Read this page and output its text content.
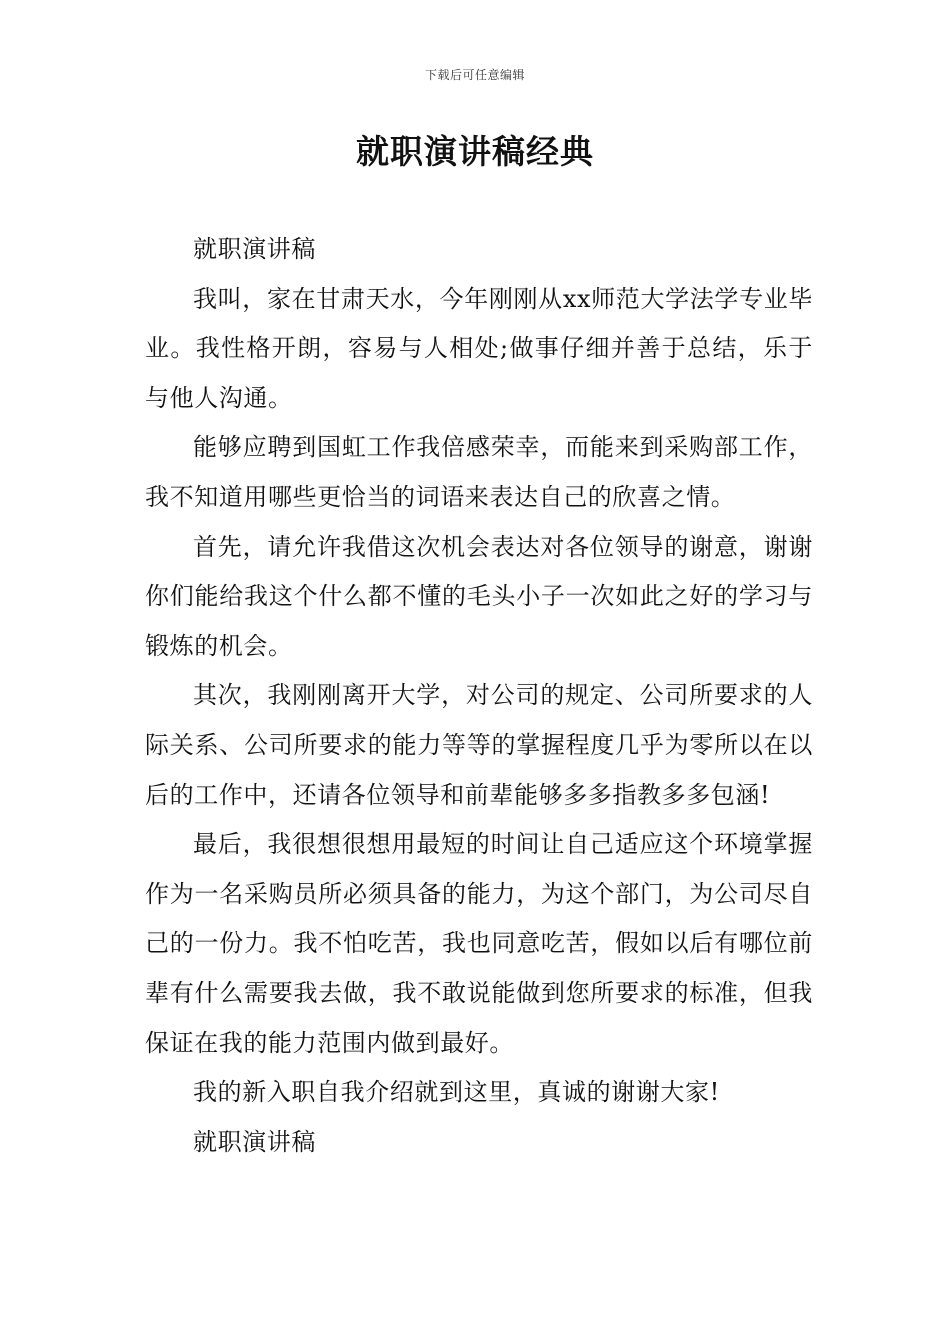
下载后可任意编辑
就职演讲稿经典

就职演讲稿

我叫，家在甘肃天水，今年刚刚从xx师范大学法学专业毕业。我性格开朗，容易与人相处;做事仔细并善于总结，乐于与他人沟通。

能够应聘到国虹工作我倍感荣幸，而能来到采购部工作，我不知道用哪些更恰当的词语来表达自己的欣喜之情。

首先，请允许我借这次机会表达对各位领导的谢意，谢谢你们能给我这个什么都不懂的毛头小子一次如此之好的学习与锻炼的机会。

其次，我刚刚离开大学，对公司的规定、公司所要求的人际关系、公司所要求的能力等等的掌握程度几乎为零所以在以后的工作中，还请各位领导和前辈能够多多指教多多包涵!

最后，我很想很想用最短的时间让自己适应这个环境掌握作为一名采购员所必须具备的能力，为这个部门，为公司尽自己的一份力。我不怕吃苦，我也同意吃苦，假如以后有哪位前辈有什么需要我去做，我不敢说能做到您所要求的标准，但我保证在我的能力范围内做到最好。

我的新入职自我介绍就到这里，真诚的谢谢大家!

就职演讲稿
